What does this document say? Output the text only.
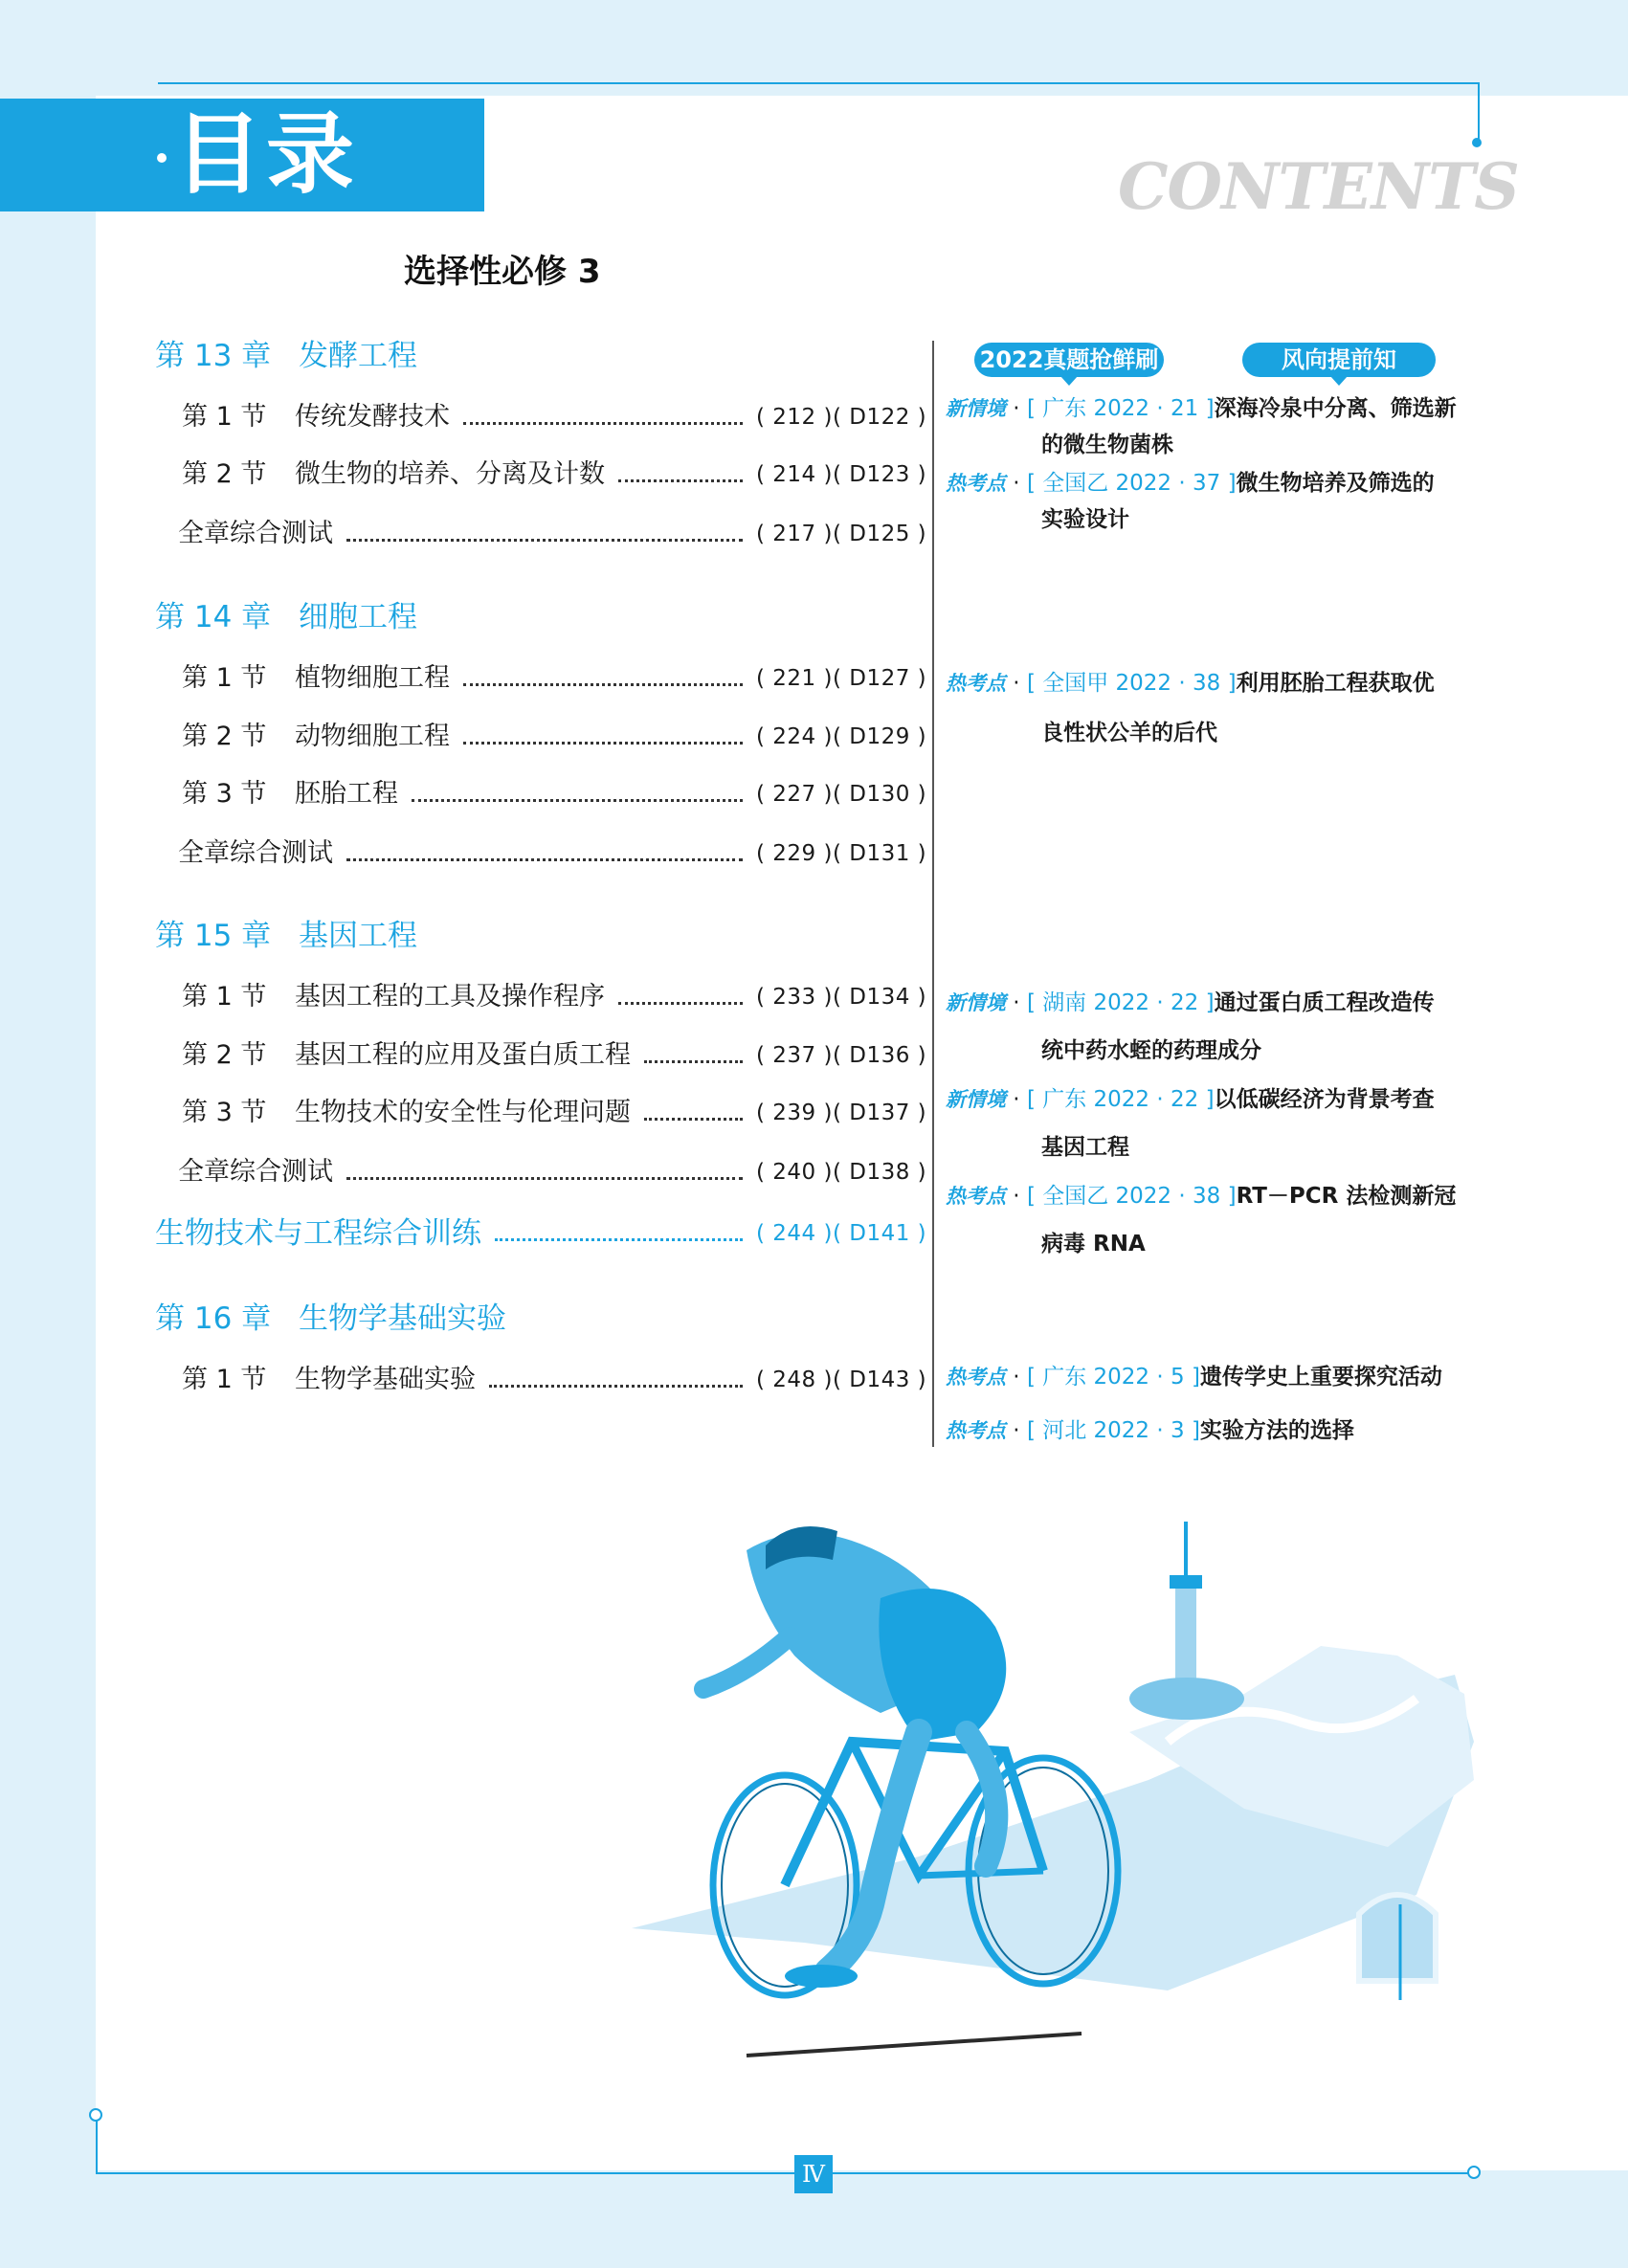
目录	CONTENTS
选择性必修 3
第 13 章 发酵工程
第 1 节	传统发酵技术	( 212 )( D122 )
第 2 节	微生物的培养、分离及计数	( 214 )( D123 )
全章综合测试	( 217 )( D125 )
第 14 章 细胞工程
第 1 节	植物细胞工程	( 221 )( D127 )
第 2 节	动物细胞工程	( 224 )( D129 )
第 3 节	胚胎工程	( 227 )( D130 )
全章综合测试	( 229 )( D131 )
第 15 章 基因工程
第 1 节	基因工程的工具及操作程序	( 233 )( D134 )
第 2 节	基因工程的应用及蛋白质工程	( 237 )( D136 )
第 3 节	生物技术的安全性与伦理问题	( 239 )( D137 )
全章综合测试	( 240 )( D138 )
生物技术与工程综合训练	( 244 )( D141 )
第 16 章 生物学基础实验
第 1 节	生物学基础实验	( 248 )( D143 )
2022真题抢鲜刷	风向提前知
新情境 · [ 广东 2022 · 21 ]深海冷泉中分离、筛选新
的微生物菌株
热考点 · [ 全国乙 2022 · 37 ]微生物培养及筛选的
实验设计
热考点 · [ 全国甲 2022 · 38 ]利用胚胎工程获取优
良性状公羊的后代
新情境 · [ 湖南 2022 · 22 ]通过蛋白质工程改造传
统中药水蛭的药理成分
新情境 · [ 广东 2022 · 22 ]以低碳经济为背景考查
基因工程
热考点 · [ 全国乙 2022 · 38 ]RT－PCR 法检测新冠
病毒 RNA
热考点 · [ 广东 2022 · 5 ]遗传学史上重要探究活动
热考点 · [ 河北 2022 · 3 ]实验方法的选择
Ⅳ
